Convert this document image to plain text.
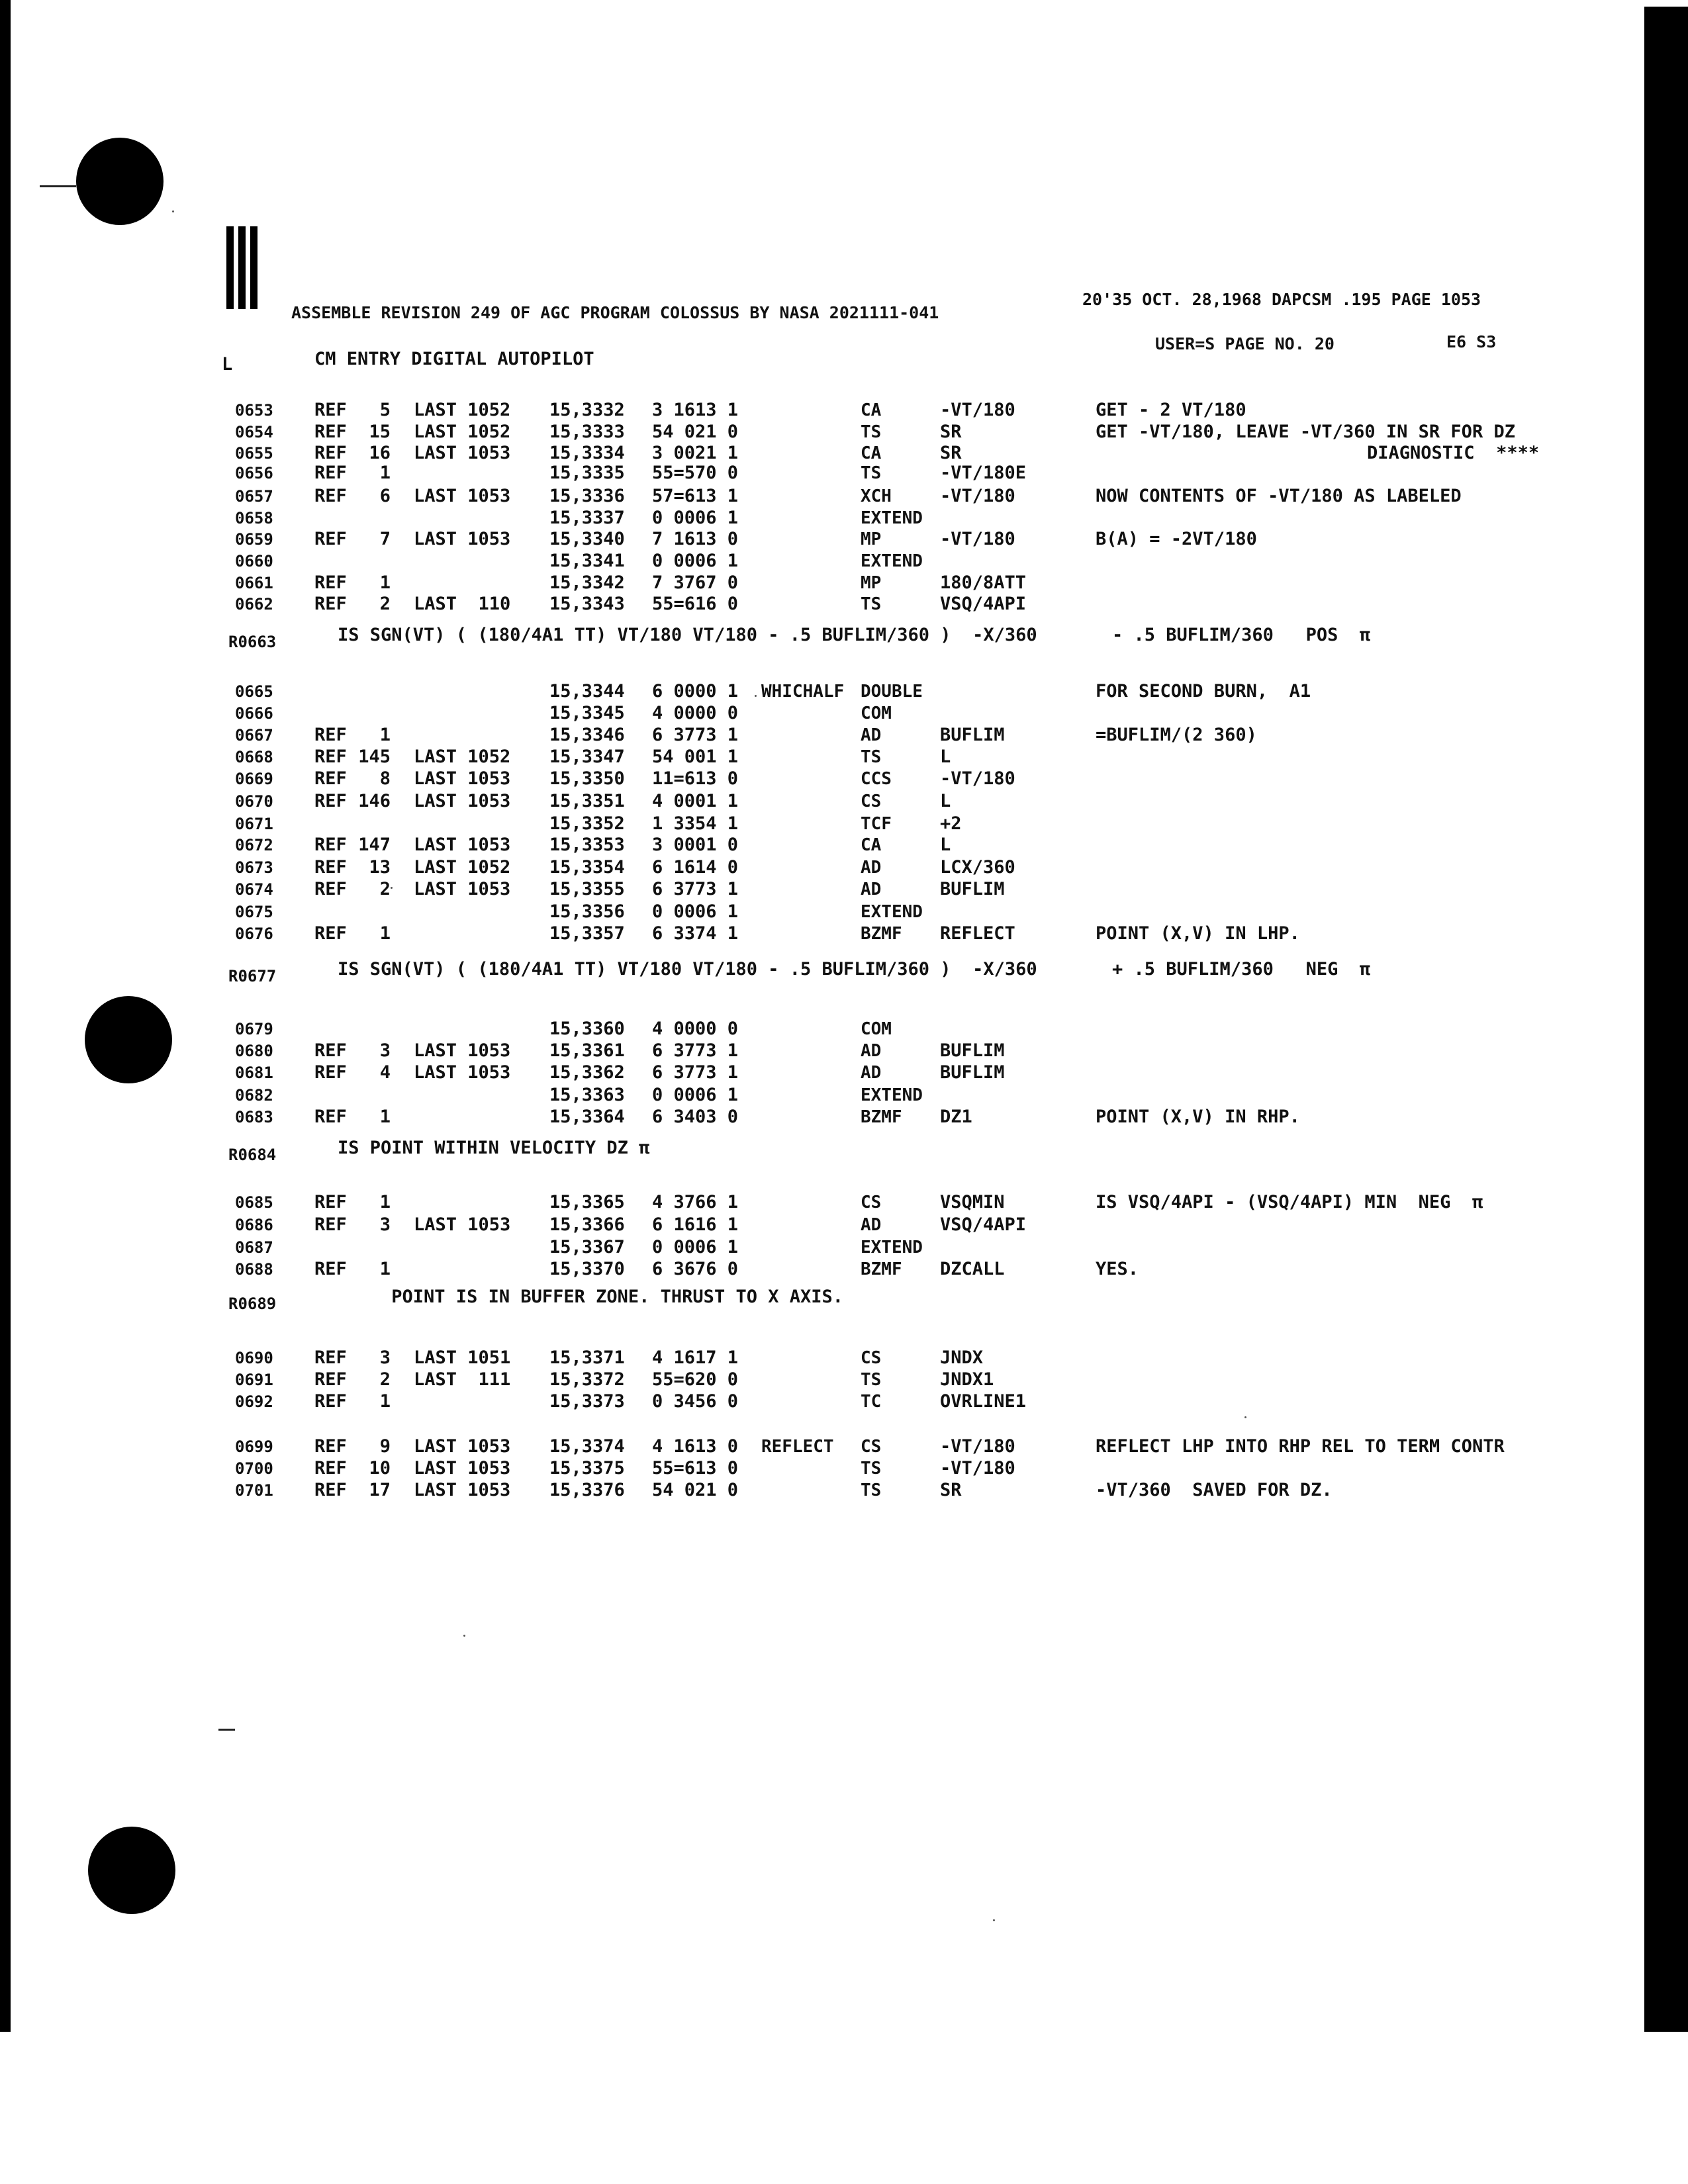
ASSEMBLE REVISION 249 OF AGC PROGRAM COLOSSUS BY NASA 2021111-041
20'35 OCT. 28,1968 DAPCSM .195 PAGE 1053
USER=S PAGE NO. 20	E6 S3
L	CM ENTRY DIGITAL AUTOPILOT
0653 REF	5 LAST 1052 15,3332 3 1613 1	CA	-VT/180	GET - 2 VT/180
0654 REF	15 LAST 1052 15,3333 54 021 0	TS	SR	GET -VT/180, LEAVE -VT/360 IN SR FOR DZ
0655 REF	16 LAST 1053 15,3334 3 0021 1	CA	SR	DIAGNOSTIC  ****
0656 REF	1	15,3335 55=570 0	TS	-VT/180E
0657 REF	6 LAST 1053 15,3336 57=613 1	XCH	-VT/180	NOW CONTENTS OF -VT/180 AS LABELED
0658	15,3337 0 0006 1	EXTEND
0659 REF	7 LAST 1053 15,3340 7 1613 0	MP	-VT/180	B(A) = -2VT/180
0660	15,3341 0 0006 1	EXTEND
0661 REF	1	15,3342 7 3767 0	MP	180/8ATT
0662 REF	2 LAST  110 15,3343 55=616 0	TS	VSQ/4API
0665	15,3344 6 0000 1 WHICHALF DOUBLE	FOR SECOND BURN,  A1
0666	15,3345 4 0000 0	COM
0667 REF	1	15,3346 6 3773 1	AD	BUFLIM	=BUFLIM/(2 360)
0668 REF 145 LAST 1052 15,3347 54 001 1	TS	L
0669 REF	8 LAST 1053 15,3350 11=613 0	CCS	-VT/180
0670 REF 146 LAST 1053 15,3351 4 0001 1	CS	L
0671	15,3352 1 3354 1	TCF	+2
0672 REF 147 LAST 1053 15,3353 3 0001 0	CA	L
0673 REF	13 LAST 1052 15,3354 6 1614 0	AD	LCX/360
0674 REF	2 LAST 1053 15,3355 6 3773 1	AD	BUFLIM
0675	15,3356 0 0006 1	EXTEND
0676 REF	1	15,3357 6 3374 1	BZMF REFLECT	POINT (X,V) IN LHP.
0679	15,3360 4 0000 0	COM
0680 REF	3 LAST 1053 15,3361 6 3773 1	AD	BUFLIM
0681 REF	4 LAST 1053 15,3362 6 3773 1	AD	BUFLIM
0682	15,3363 0 0006 1	EXTEND
0683 REF	1	15,3364 6 3403 0	BZMF DZ1	POINT (X,V) IN RHP.
0685 REF	1	15,3365 4 3766 1	CS	VSQMIN	IS VSQ/4API - (VSQ/4API) MIN  NEG  π
0686 REF	3 LAST 1053 15,3366 6 1616 1	AD	VSQ/4API
0687	15,3367 0 0006 1	EXTEND
0688 REF	1	15,3370 6 3676 0	BZMF DZCALL	YES.
0690 REF	3 LAST 1051 15,3371 4 1617 1	CS	JNDX
0691 REF	2 LAST  111 15,3372 55=620 0	TS	JNDX1
0692 REF	1	15,3373 0 3456 0	TC	OVRLINE1
0699 REF	9 LAST 1053 15,3374 4 1613 0 REFLECT CS	-VT/180	REFLECT LHP INTO RHP REL TO TERM CONTR
0700 REF	10 LAST 1053 15,3375 55=613 0	TS	-VT/180
0701 REF	17 LAST 1053 15,3376 54 021 0	TS	SR	-VT/360  SAVED FOR DZ.
R0663	IS SGN(VT) ( (180/4A1 TT) VT/180 VT/180 - .5 BUFLIM/360 )  -X/360	- .5 BUFLIM/360   POS  π
R0677	IS SGN(VT) ( (180/4A1 TT) VT/180 VT/180 - .5 BUFLIM/360 )  -X/360	+ .5 BUFLIM/360   NEG  π
R0684	IS POINT WITHIN VELOCITY DZ π
R0689	POINT IS IN BUFFER ZONE. THRUST TO X AXIS.
